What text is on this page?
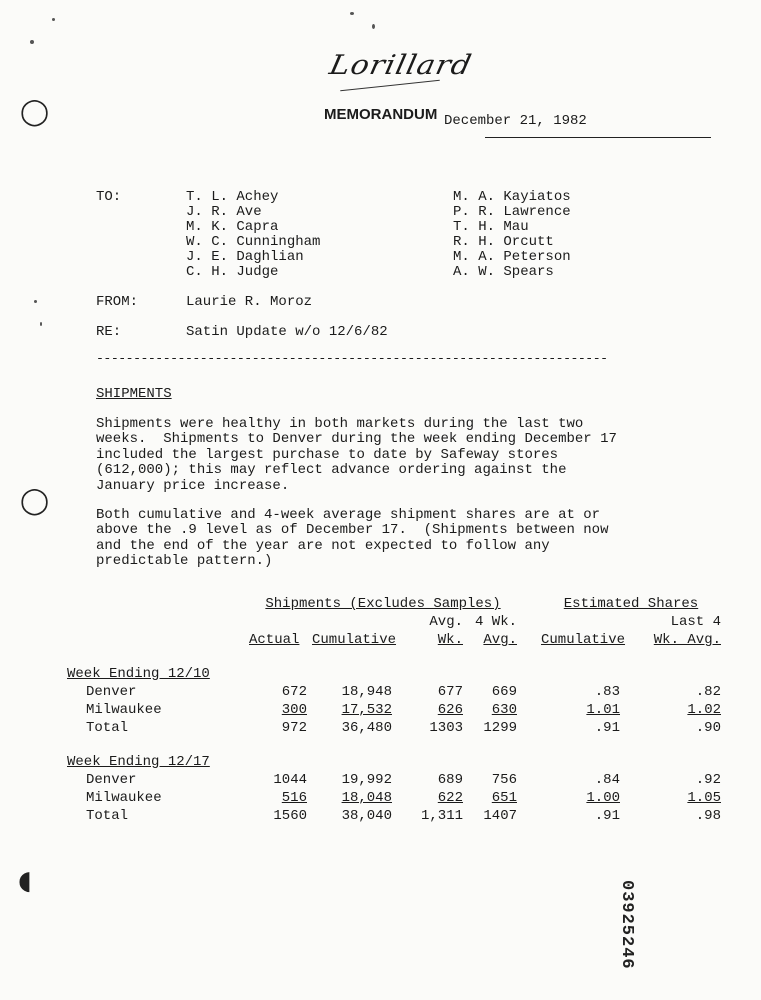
◯
◯
◖
Lorillard
MEMORANDUM December 21, 1982
TO:	T. L. Achey
J. R. Ave
M. K. Capra
W. C. Cunningham
J. E. Daghlian
C. H. Judge
M. A. Kayiatos
P. R. Lawrence
T. H. Mau
R. H. Orcutt
M. A. Peterson
A. W. Spears
FROM:	Laurie R. Moroz
RE:	Satin Update w/o 12/6/82
---------------------------------------------------------------------
SHIPMENTS
Shipments were healthy in both markets during the last two
weeks.  Shipments to Denver during the week ending December 17
included the largest purchase to date by Safeway stores
(612,000); this may reflect advance ordering against the
January price increase.
Both cumulative and 4-week average shipment shares are at or
above the .9 level as of December 17.  (Shipments between now
and the end of the year are not expected to follow any
predictable pattern.)
	Shipments (Excludes Samples)					Estimated Shares	
			Avg.	4 Wk.			Last 4
	Actual	Cumulative	Wk.	Avg.		Cumulative	Wk. Avg.

Week Ending 12/10							
Denver	672	18,948	677	669		.83	.82
Milwaukee	300	17,532	626	630		1.01	1.02
Total	972	36,480	1303	1299		.91	.90

Week Ending 12/17							
Denver	1044	19,992	689	756		.84	.92
Milwaukee	516	18,048	622	651		1.00	1.05
Total	1560	38,040	1,311	1407		.91	.98
03925246
